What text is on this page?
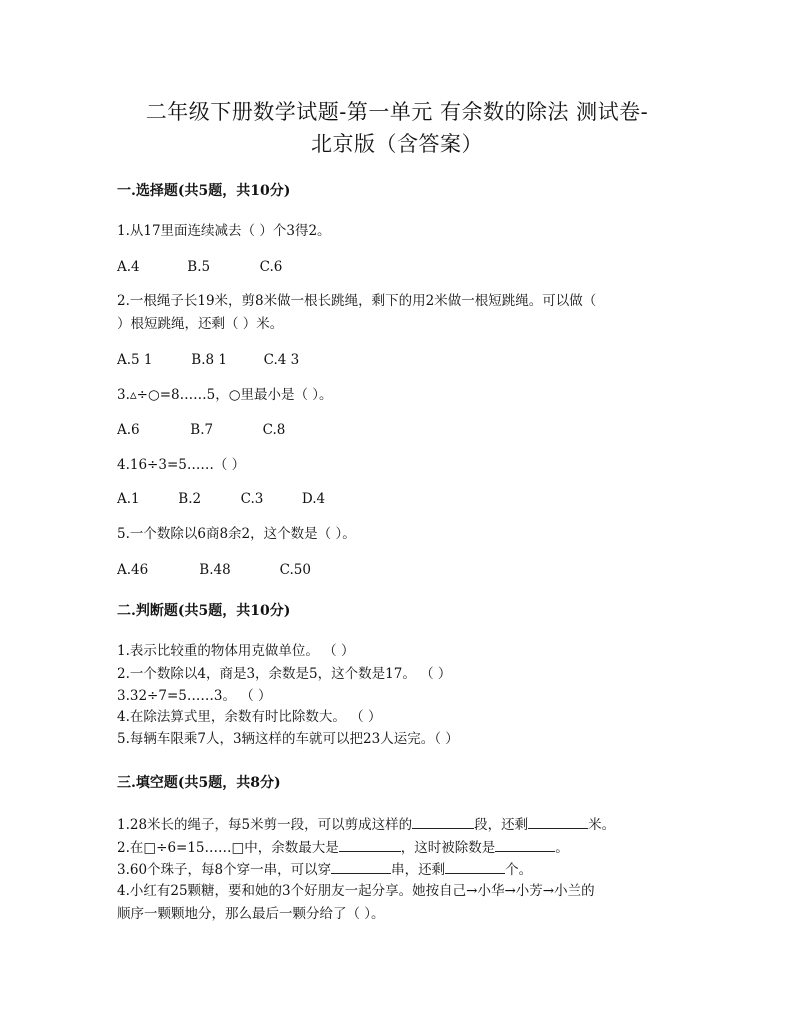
二年级下册数学试题-第一单元 有余数的除法 测试卷-
北京版（含答案）
一.选择题(共5题，共10分)
1.从17里面连续减去（ ）个3得2。
A.4	B.5	C.6
2.一根绳子长19米，剪8米做一根长跳绳，剩下的用2米做一根短跳绳。可以做（
）根短跳绳，还剩（ ）米。
A.5 1	B.8 1	C.4 3
3.▵÷○=8……5，○里最小是（ ）。
A.6	B.7	C.8
4.16÷3=5……（ ）
A.1	B.2	C.3	D.4
5.一个数除以6商8余2，这个数是（ ）。
A.46	B.48	C.50
二.判断题(共5题，共10分)
1.表示比较重的物体用克做单位。 （ ）
2.一个数除以4，商是3，余数是5，这个数是17。 （ ）
3.32÷7=5……3。 （ ）
4.在除法算式里，余数有时比除数大。 （ ）
5.每辆车限乘7人，3辆这样的车就可以把23人运完。（ ）
三.填空题(共5题，共8分)
1.28米长的绳子，每5米剪一段，可以剪成这样的	段，还剩	米。
2.在□÷6=15……□中，余数最大是	，这时被除数是	。
3.60个珠子，每8个穿一串，可以穿	串，还剩	个。
4.小红有25颗糖，要和她的3个好朋友一起分享。她按自己→小华→小芳→小兰的
顺序一颗颗地分，那么最后一颗分给了（ ）。
